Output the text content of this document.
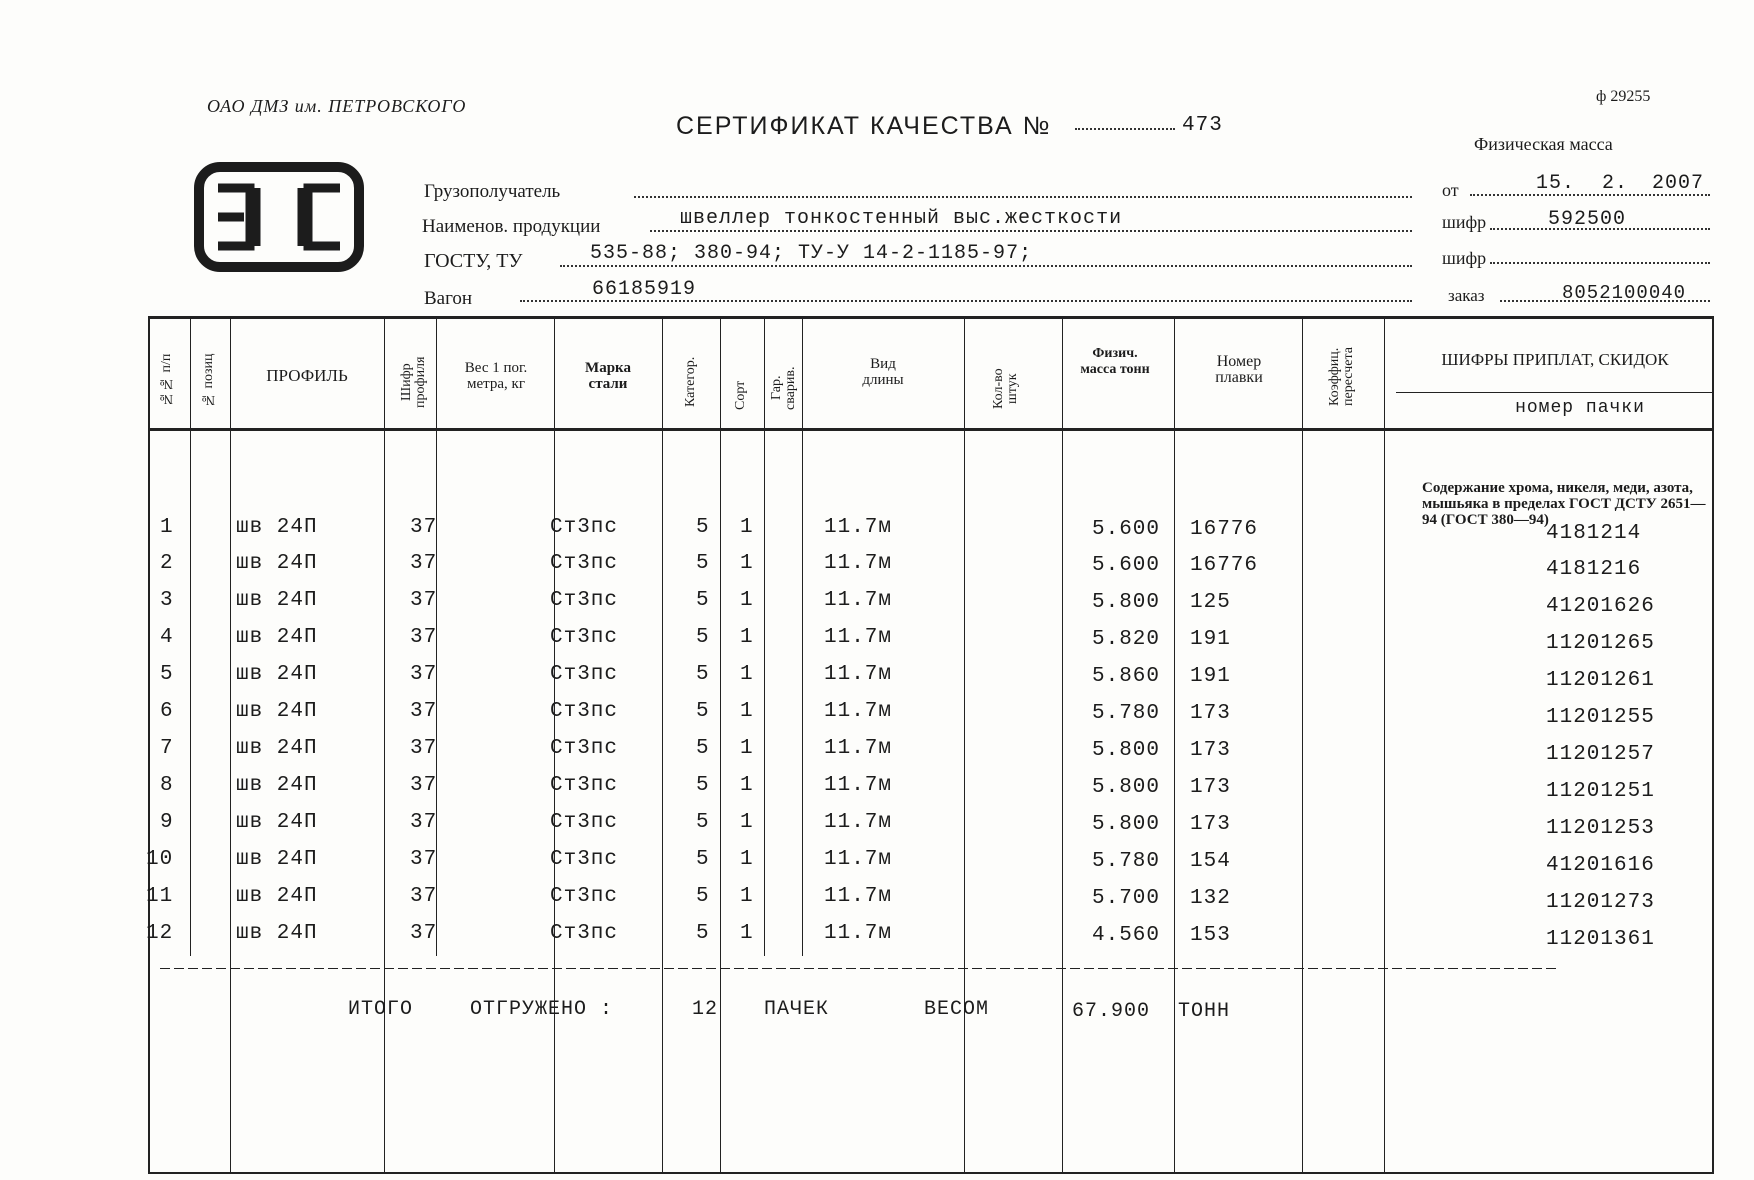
ОАО ДМЗ им. ПЕТРОВСКОГО	ф 29255
СЕРТИФИКАТ КАЧЕСТВА №	473
Физическая масса
Грузополучатель
Наименов. продукции	швеллер тонкостенный выс.жесткости
ГОСТУ, ТУ	535-88; 380-94; ТУ-У 14-2-1185-97;
Вагон	66185919
от	15. 2. 2007
шифр	592500
шифр
заказ	8052100040
№№ п/п № позиц	ПРОФИЛЬ	Шифр профиля	Вес 1 пог. метра, кг
Марка стали	Категор.	Сорт Гар. сварив.
Вид длины	Кол-во штук
Физич. масса тонн	Номер плавки	Коэффиц. пересчета	ШИФРЫ ПРИПЛАТ, СКИДОК
номер пачки
Содержание хрома, никеля, меди, азота, мышьяка в пределах ГОСТ ДСТУ 2651—94 (ГОСТ 380—94)
1	шв 24П	37	Ст3пс	5 1	11.7м	5.600 16776	4181214
2	шв 24П	37	Ст3пс	5 1	11.7м	5.600 16776	4181216
3	шв 24П	37	Ст3пс	5 1	11.7м	5.800 125	41201626
4	шв 24П	37	Ст3пс	5 1	11.7м	5.820 191	11201265
5	шв 24П	37	Ст3пс	5 1	11.7м	5.860 191	11201261
6	шв 24П	37	Ст3пс	5 1	11.7м	5.780 173	11201255
7	шв 24П	37	Ст3пс	5 1	11.7м	5.800 173	11201257
8	шв 24П	37	Ст3пс	5 1	11.7м	5.800 173	11201251
9	шв 24П	37	Ст3пс	5 1	11.7м	5.800 173	11201253
10	шв 24П	37	Ст3пс	5 1	11.7м	5.780 154	41201616
11	шв 24П	37	Ст3пс	5 1	11.7м	5.700 132	11201273
12	шв 24П	37	Ст3пс	5 1	11.7м	4.560 153	11201361
ИТОГО	ОТГРУЖЕНО :	12 ПАЧЕК	ВЕСОМ	67.900 ТОНН
